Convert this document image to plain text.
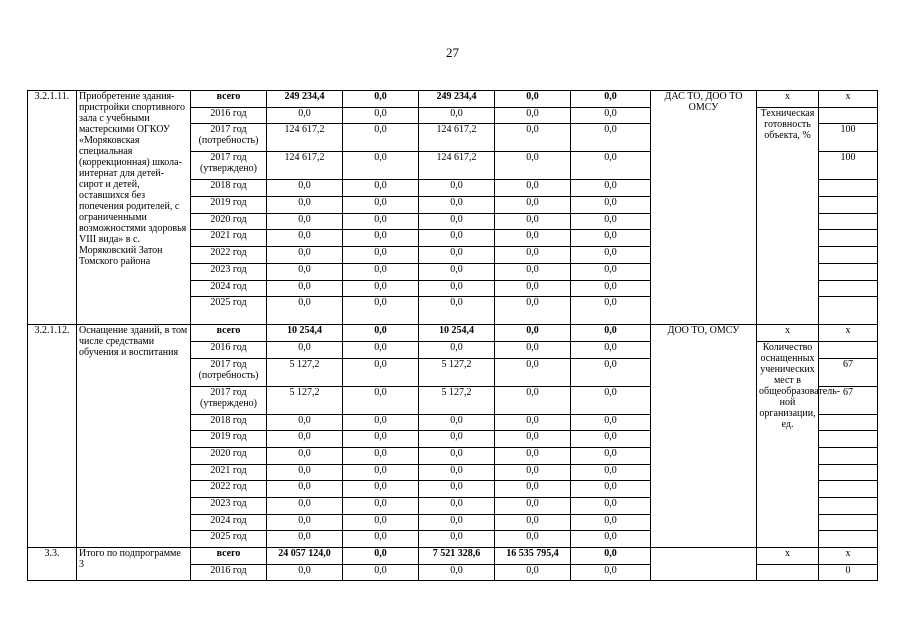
27
3.2.1.11.	Приобретение здания-пристройки спортивного зала с учебными мастерскими ОГКОУ «Моряковская специальная (коррекционная) школа-интернат для детей-сирот и детей, оставшихся без попечения родителей, с ограниченными возможностями здоровья VIII вида» в с. Моряковский Затон Томского района	всего	249 234,4	0,0	249 234,4	0,0	0,0	ДАС ТО, ДОО ТО ОМСУ	х	х
		2016 год	0,0	0,0	0,0	0,0	0,0		Техническая готовность объекта, %	
		2017 год (потребность)	124 617,2	0,0	124 617,2	0,0	0,0			100
		2017 год (утверждено)	124 617,2	0,0	124 617,2	0,0	0,0			100
		2018 год	0,0	0,0	0,0	0,0	0,0			
		2019 год	0,0	0,0	0,0	0,0	0,0			
		2020 год	0,0	0,0	0,0	0,0	0,0			
		2021 год	0,0	0,0	0,0	0,0	0,0			
		2022 год	0,0	0,0	0,0	0,0	0,0			
		2023 год	0,0	0,0	0,0	0,0	0,0			
		2024 год	0,0	0,0	0,0	0,0	0,0			
		2025 год	0,0	0,0	0,0	0,0	0,0			
3.2.1.12.	Оснащение зданий, в том числе средствами обучения и воспитания	всего	10 254,4	0,0	10 254,4	0,0	0,0	ДОО ТО, ОМСУ	х	х
		2016 год	0,0	0,0	0,0	0,0	0,0		Количество оснащенных ученических мест в общеобразователь-ной организации, ед.	
		2017 год (потребность)	5 127,2	0,0	5 127,2	0,0	0,0			67
		2017 год (утверждено)	5 127,2	0,0	5 127,2	0,0	0,0			67
		2018 год	0,0	0,0	0,0	0,0	0,0			
		2019 год	0,0	0,0	0,0	0,0	0,0			
		2020 год	0,0	0,0	0,0	0,0	0,0			
		2021 год	0,0	0,0	0,0	0,0	0,0			
		2022 год	0,0	0,0	0,0	0,0	0,0			
		2023 год	0,0	0,0	0,0	0,0	0,0			
		2024 год	0,0	0,0	0,0	0,0	0,0			
		2025 год	0,0	0,0	0,0	0,0	0,0			
3.3.	Итого по подпрограмме 3	всего	24 057 124,0	0,0	7 521 328,6	16 535 795,4	0,0		х	х
		2016 год	0,0	0,0	0,0	0,0	0,0			0
